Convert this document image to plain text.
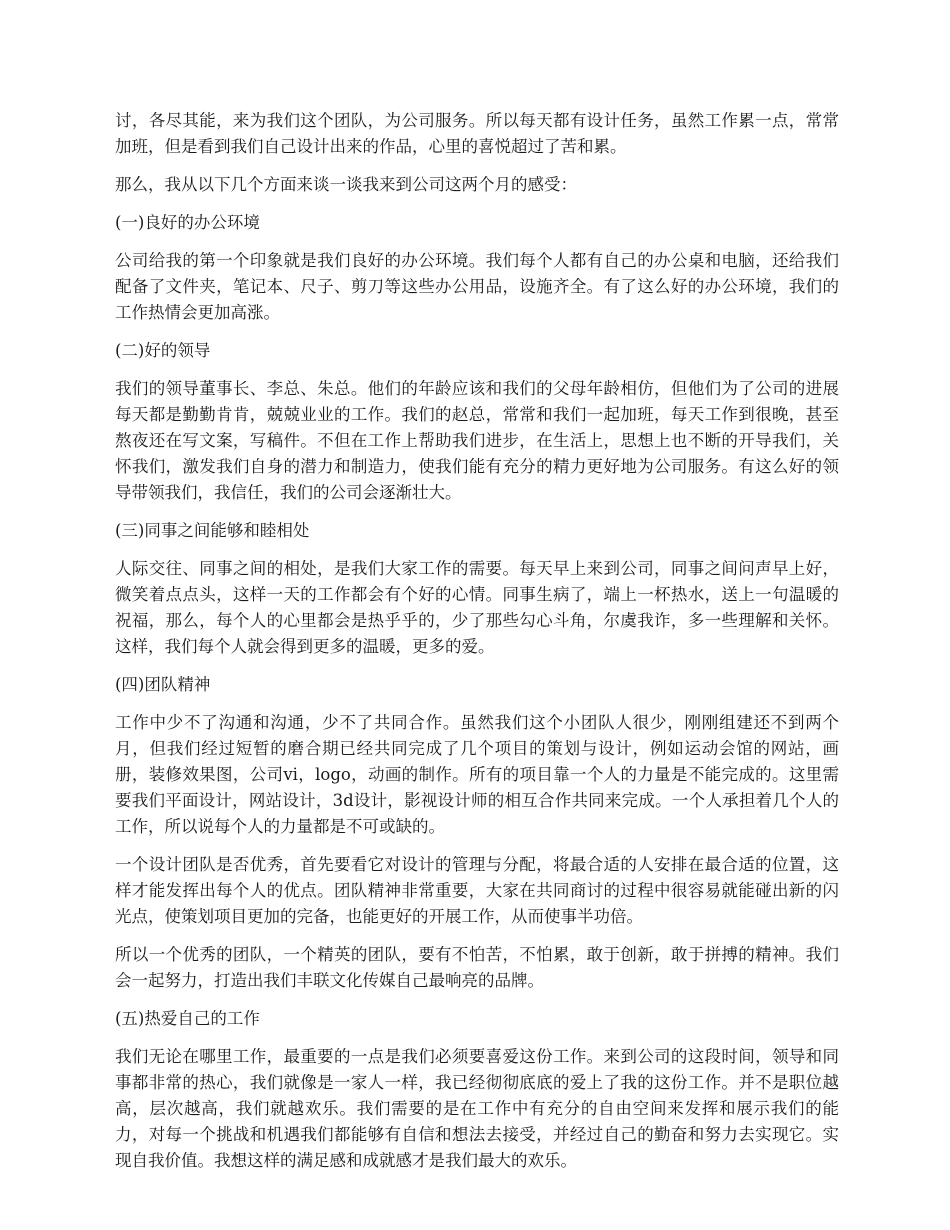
讨，各尽其能，来为我们这个团队，为公司服务。所以每天都有设计任务，虽然工作累一点，常常加班，但是看到我们自己设计出来的作品，心里的喜悦超过了苦和累。

那么，我从以下几个方面来谈一谈我来到公司这两个月的感受：

(一)良好的办公环境

公司给我的第一个印象就是我们良好的办公环境。我们每个人都有自己的办公桌和电脑，还给我们配备了文件夹，笔记本、尺子、剪刀等这些办公用品，设施齐全。有了这么好的办公环境，我们的工作热情会更加高涨。

(二)好的领导

我们的领导董事长、李总、朱总。他们的年龄应该和我们的父母年龄相仿，但他们为了公司的进展每天都是勤勤肯肯，兢兢业业的工作。我们的赵总，常常和我们一起加班，每天工作到很晚，甚至熬夜还在写文案，写稿件。不但在工作上帮助我们进步，在生活上，思想上也不断的开导我们，关怀我们，激发我们自身的潜力和制造力，使我们能有充分的精力更好地为公司服务。有这么好的领导带领我们，我信任，我们的公司会逐渐壮大。

(三)同事之间能够和睦相处

人际交往、同事之间的相处，是我们大家工作的需要。每天早上来到公司，同事之间问声早上好，微笑着点点头，这样一天的工作都会有个好的心情。同事生病了，端上一杯热水，送上一句温暖的祝福，那么，每个人的心里都会是热乎乎的，少了那些勾心斗角，尔虞我诈，多一些理解和关怀。这样，我们每个人就会得到更多的温暖，更多的爱。

(四)团队精神

工作中少不了沟通和沟通，少不了共同合作。虽然我们这个小团队人很少，刚刚组建还不到两个月，但我们经过短暂的磨合期已经共同完成了几个项目的策划与设计，例如运动会馆的网站，画册，装修效果图，公司vi，logo，动画的制作。所有的项目靠一个人的力量是不能完成的。这里需要我们平面设计，网站设计，3d设计，影视设计师的相互合作共同来完成。一个人承担着几个人的工作，所以说每个人的力量都是不可或缺的。

一个设计团队是否优秀，首先要看它对设计的管理与分配，将最合适的人安排在最合适的位置，这样才能发挥出每个人的优点。团队精神非常重要，大家在共同商讨的过程中很容易就能碰出新的闪光点，使策划项目更加的完备，也能更好的开展工作，从而使事半功倍。

所以一个优秀的团队，一个精英的团队，要有不怕苦，不怕累，敢于创新，敢于拼搏的精神。我们会一起努力，打造出我们丰联文化传媒自己最响亮的品牌。

(五)热爱自己的工作

我们无论在哪里工作，最重要的一点是我们必须要喜爱这份工作。来到公司的这段时间，领导和同事都非常的热心，我们就像是一家人一样，我已经彻彻底底的爱上了我的这份工作。并不是职位越高，层次越高，我们就越欢乐。我们需要的是在工作中有充分的自由空间来发挥和展示我们的能力，对每一个挑战和机遇我们都能够有自信和想法去接受，并经过自己的勤奋和努力去实现它。实现自我价值。我想这样的满足感和成就感才是我们最大的欢乐。
